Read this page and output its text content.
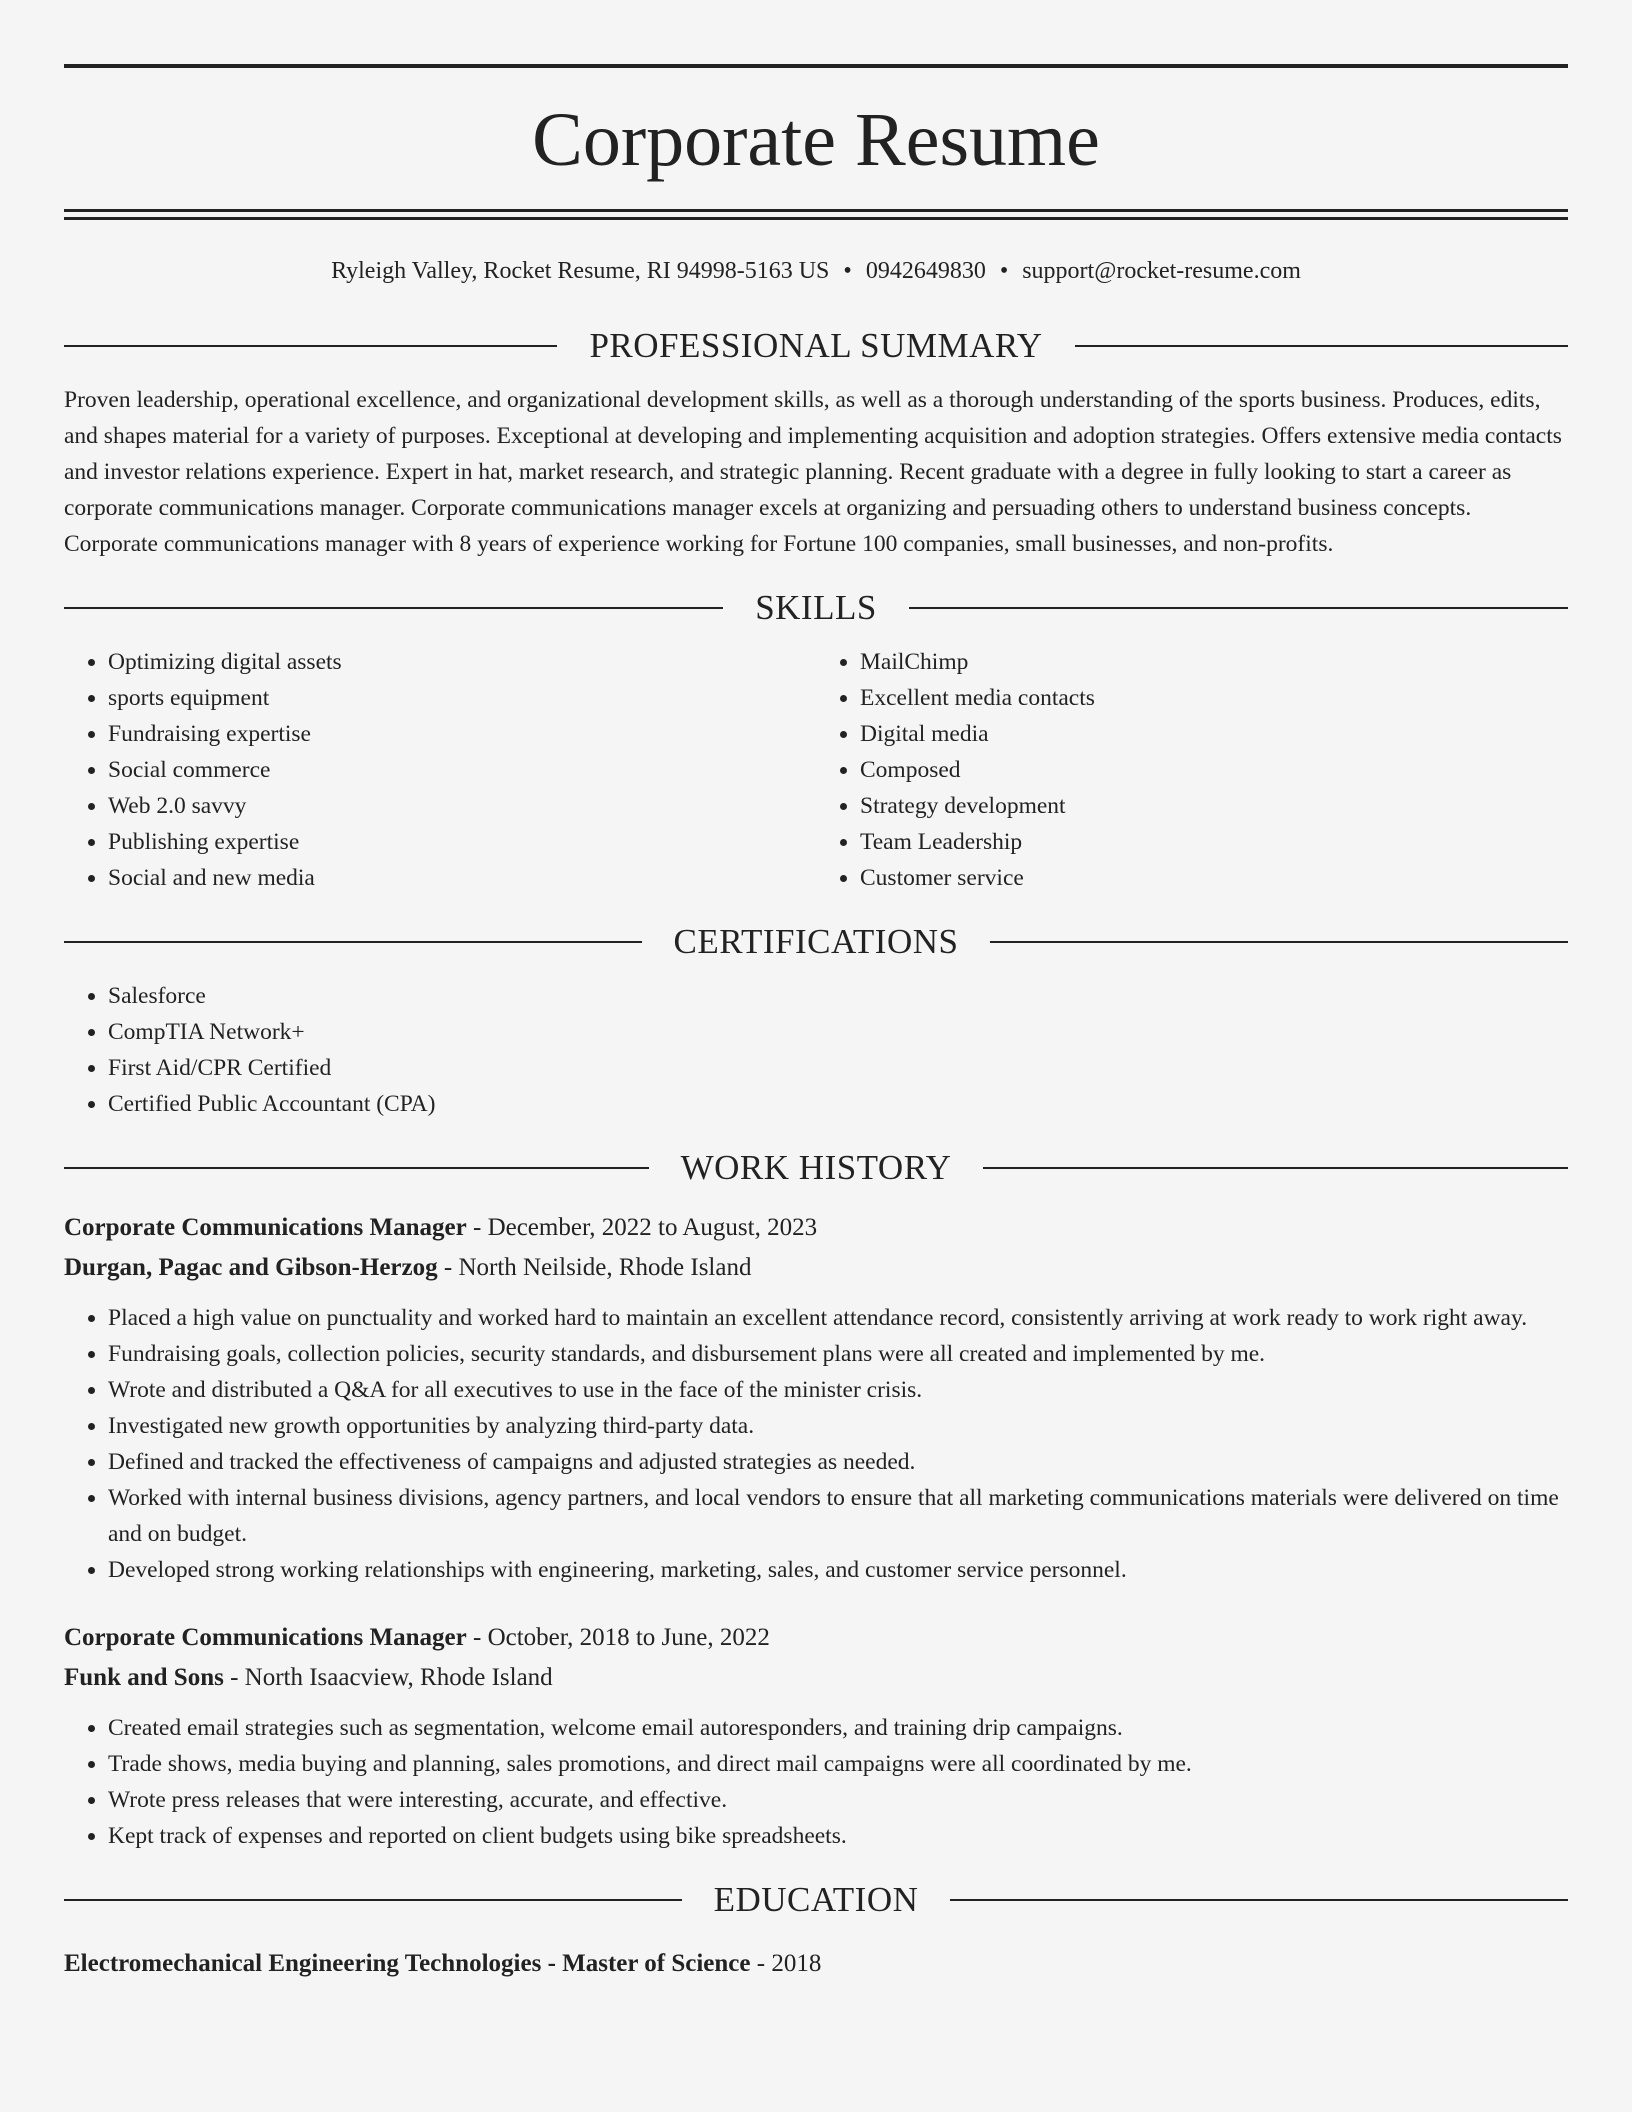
Corporate Resume
Ryleigh Valley, Rocket Resume, RI 94998-5163 US • 0942649830 • support@rocket-resume.com
PROFESSIONAL SUMMARY

Proven leadership, operational excellence, and organizational development skills, as well as a thorough understanding of the sports business. Produces, edits, and shapes material for a variety of purposes. Exceptional at developing and implementing acquisition and adoption strategies. Offers extensive media contacts and investor relations experience. Expert in hat, market research, and strategic planning. Recent graduate with a degree in fully looking to start a career as corporate communications manager. Corporate communications manager excels at organizing and persuading others to understand business concepts. Corporate communications manager with 8 years of experience working for Fortune 100 companies, small businesses, and non-profits.

SKILLS
• Optimizing digital assets
• sports equipment
• Fundraising expertise
• Social commerce
• Web 2.0 savvy
• Publishing expertise
• Social and new media
• MailChimp
• Excellent media contacts
• Digital media
• Composed
• Strategy development
• Team Leadership
• Customer service
CERTIFICATIONS
• Salesforce
• CompTIA Network+
• First Aid/CPR Certified
• Certified Public Accountant (CPA)
WORK HISTORY
Corporate Communications Manager - December, 2022 to August, 2023
Durgan, Pagac and Gibson-Herzog - North Neilside, Rhode Island
• Placed a high value on punctuality and worked hard to maintain an excellent attendance record, consistently arriving at work ready to work right away.
• Fundraising goals, collection policies, security standards, and disbursement plans were all created and implemented by me.
• Wrote and distributed a Q&A for all executives to use in the face of the minister crisis.
• Investigated new growth opportunities by analyzing third-party data.
• Defined and tracked the effectiveness of campaigns and adjusted strategies as needed.
• Worked with internal business divisions, agency partners, and local vendors to ensure that all marketing communications materials were delivered on time and on budget.
• Developed strong working relationships with engineering, marketing, sales, and customer service personnel.
Corporate Communications Manager - October, 2018 to June, 2022
Funk and Sons - North Isaacview, Rhode Island
• Created email strategies such as segmentation, welcome email autoresponders, and training drip campaigns.
• Trade shows, media buying and planning, sales promotions, and direct mail campaigns were all coordinated by me.
• Wrote press releases that were interesting, accurate, and effective.
• Kept track of expenses and reported on client budgets using bike spreadsheets.
EDUCATION
Electromechanical Engineering Technologies - Master of Science - 2018
